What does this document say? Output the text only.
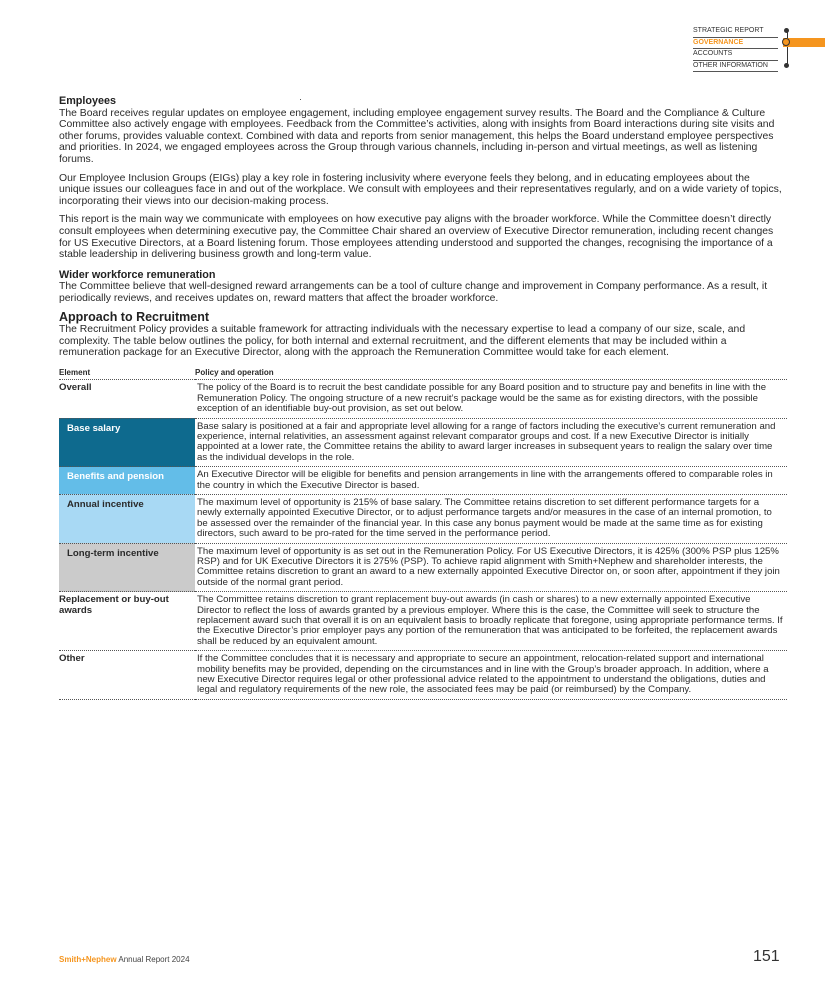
STRATEGIC REPORT
GOVERNANCE
ACCOUNTS
OTHER INFORMATION
Employees

The Board receives regular updates on employee engagement, including employee engagement survey results. The Board and the Compliance & Culture Committee also actively engage with employees. Feedback from the Committee’s activities, along with insights from Board interactions during site visits and other forums, provides valuable context. Combined with data and reports from senior management, this helps the Board understand employee perspectives and priorities. In 2024, we engaged employees across the Group through various channels, including in-person and virtual meetings, as well as listening forums.

Our Employee Inclusion Groups (EIGs) play a key role in fostering inclusivity where everyone feels they belong, and in educating employees about the unique issues our colleagues face in and out of the workplace. We consult with employees and their representatives regularly, and on a wide variety of topics, incorporating their views into our decision-making process.

This report is the main way we communicate with employees on how executive pay aligns with the broader workforce. While the Committee doesn’t directly consult employees when determining executive pay, the Committee Chair shared an overview of Executive Director remuneration, including recent changes for US Executive Directors, at a Board listening forum. Those employees attending understood and supported the changes, recognising the importance of a stable leadership in delivering business growth and long-term value.

Wider workforce remuneration

The Committee believe that well-designed reward arrangements can be a tool of culture change and improvement in Company performance. As a result, it periodically reviews, and receives updates on, reward matters that affect the broader workforce.

Approach to Recruitment

The Recruitment Policy provides a suitable framework for attracting individuals with the necessary expertise to lead a company of our size, scale, and complexity. The table below outlines the policy, for both internal and external recruitment, and the different elements that may be included within a remuneration package for an Executive Director, along with the approach the Remuneration Committee would take for each element.

Element	Policy and operation
Overall	The policy of the Board is to recruit the best candidate possible for any Board position and to structure pay and benefits in line with the Remuneration Policy. The ongoing structure of a new recruit’s package would be the same as for existing directors, with the possible exception of an identifiable buy-out provision, as set out below.
Base salary	Base salary is positioned at a fair and appropriate level allowing for a range of factors including the executive’s current remuneration and experience, internal relativities, an assessment against relevant comparator groups and cost. If a new Executive Director is initially appointed at a lower rate, the Committee retains the ability to award larger increases in subsequent years to realign the salary over time as the individual develops in the role.
Benefits and pension	An Executive Director will be eligible for benefits and pension arrangements in line with the arrangements offered to comparable roles in the country in which the Executive Director is based.
Annual incentive	The maximum level of opportunity is 215% of base salary. The Committee retains discretion to set different performance targets for a newly externally appointed Executive Director, or to adjust performance targets and/or measures in the case of an internal promotion, to be assessed over the remainder of the financial year. In this case any bonus payment would be made at the same time as for existing directors, such award to be pro-rated for the time served in the performance period.
Long-term incentive	The maximum level of opportunity is as set out in the Remuneration Policy. For US Executive Directors, it is 425% (300% PSP plus 125% RSP) and for UK Executive Directors it is 275% (PSP). To achieve rapid alignment with Smith+Nephew and shareholder interests, the Committee retains discretion to grant an award to a new externally appointed Executive Director on, or soon after, appointment if they join outside of the normal grant period.
Replacement or buy-out awards	The Committee retains discretion to grant replacement buy-out awards (in cash or shares) to a new externally appointed Executive Director to reflect the loss of awards granted by a previous employer. Where this is the case, the Committee will seek to structure the replacement award such that overall it is on an equivalent basis to broadly replicate that foregone, using appropriate performance terms. If the Executive Director’s prior employer pays any portion of the remuneration that was anticipated to be forfeited, the replacement awards shall be reduced by an equivalent amount.
Other	If the Committee concludes that it is necessary and appropriate to secure an appointment, relocation-related support and international mobility benefits may be provided, depending on the circumstances and in line with the Group’s broader approach. In addition, where a new Executive Director requires legal or other professional advice related to the appointment to understand the obligations, duties and legal and regulatory requirements of the new role, the associated fees may be paid (or reimbursed) by the Company.
Smith+Nephew Annual Report 2024	151
